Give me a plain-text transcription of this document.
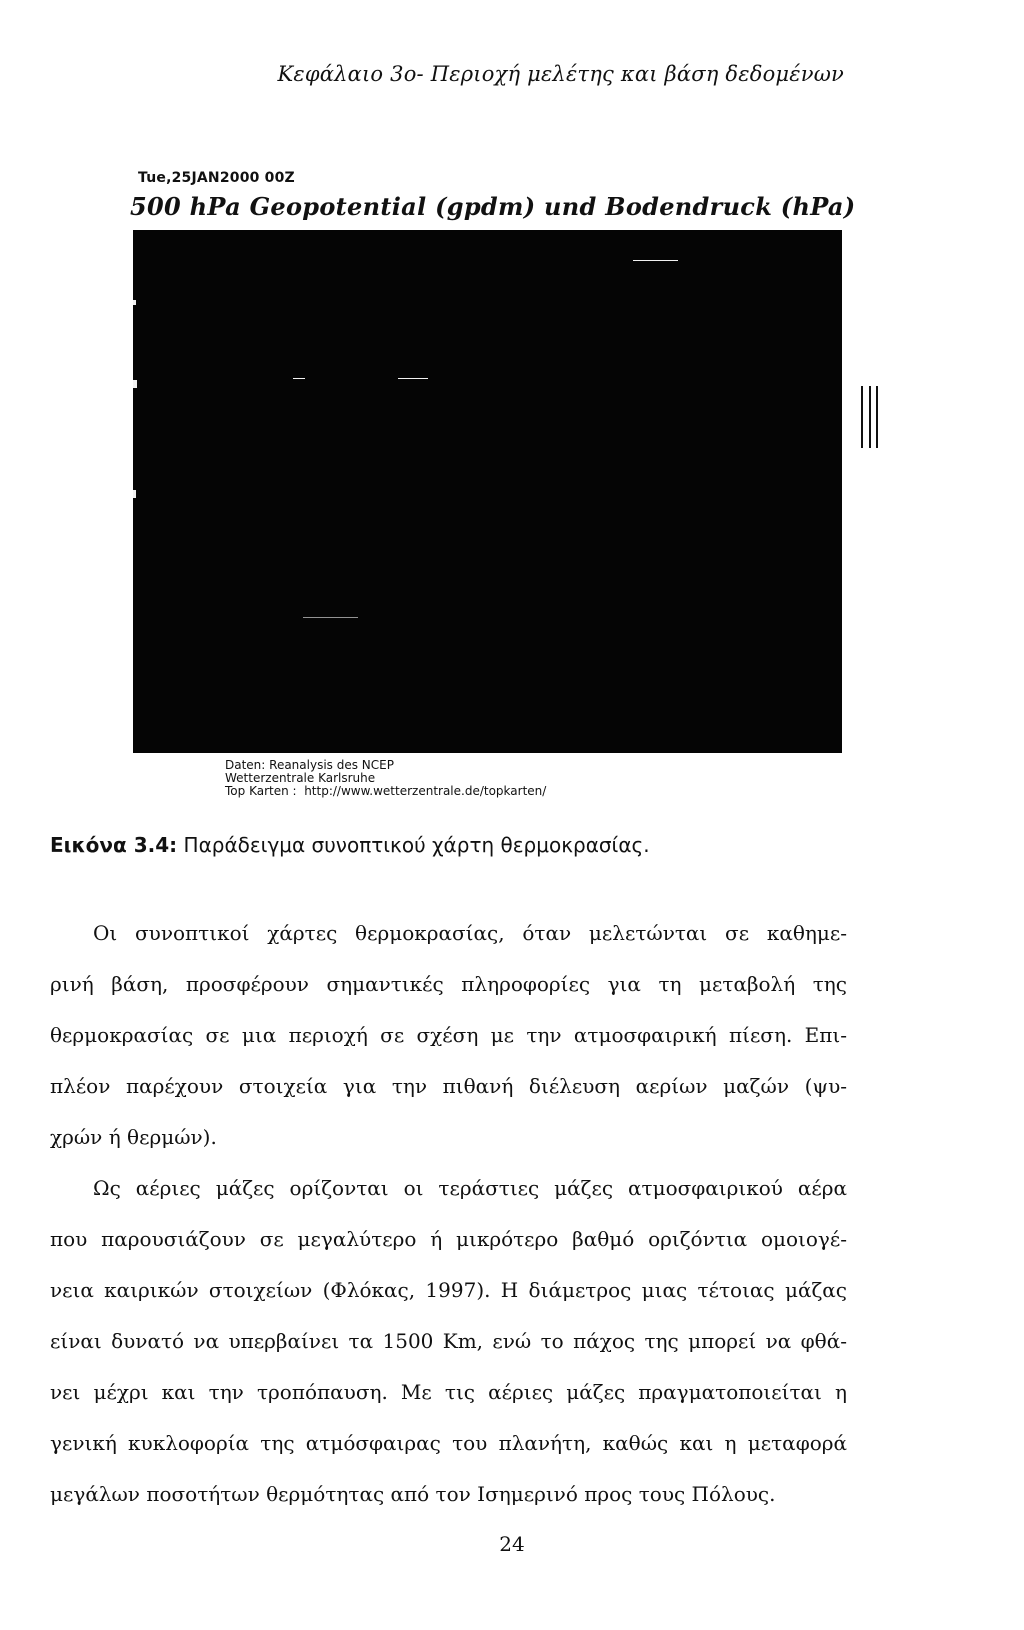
Κεφάλαιο 3ο- Περιοχή μελέτης και βάση δεδομένων
Tue,25JAN2000 00Z
500 hPa Geopotential (gpdm) und Bodendruck (hPa)
Daten: Reanalysis des NCEP
Wetterzentrale Karlsruhe
Top Karten :  http://www.wetterzentrale.de/topkarten/
Εικόνα 3.4: Παράδειγμα συνοπτικού χάρτη θερμοκρασίας.
Οι συνοπτικοί χάρτες θερμοκρασίας, όταν μελετώνται σε καθημε-
ρινή βάση, προσφέρουν σημαντικές πληροφορίες για τη μεταβολή της
θερμοκρασίας σε μια περιοχή σε σχέση με την ατμοσφαιρική πίεση. Επι-
πλέον παρέχουν στοιχεία για την πιθανή διέλευση αερίων μαζών (ψυ-
χρών ή θερμών).
Ως αέριες μάζες ορίζονται οι τεράστιες μάζες ατμοσφαιρικού αέρα
που παρουσιάζουν σε μεγαλύτερο ή μικρότερο βαθμό οριζόντια ομοιογέ-
νεια καιρικών στοιχείων (Φλόκας, 1997). Η διάμετρος μιας τέτοιας μάζας
είναι δυνατό να υπερβαίνει τα 1500 Km, ενώ το πάχος της μπορεί να φθά-
νει μέχρι και την τροπόπαυση. Με τις αέριες μάζες πραγματοποιείται η
γενική κυκλοφορία της ατμόσφαιρας του πλανήτη, καθώς και η μεταφορά
μεγάλων ποσοτήτων θερμότητας από τον Ισημερινό προς τους Πόλους.
24
